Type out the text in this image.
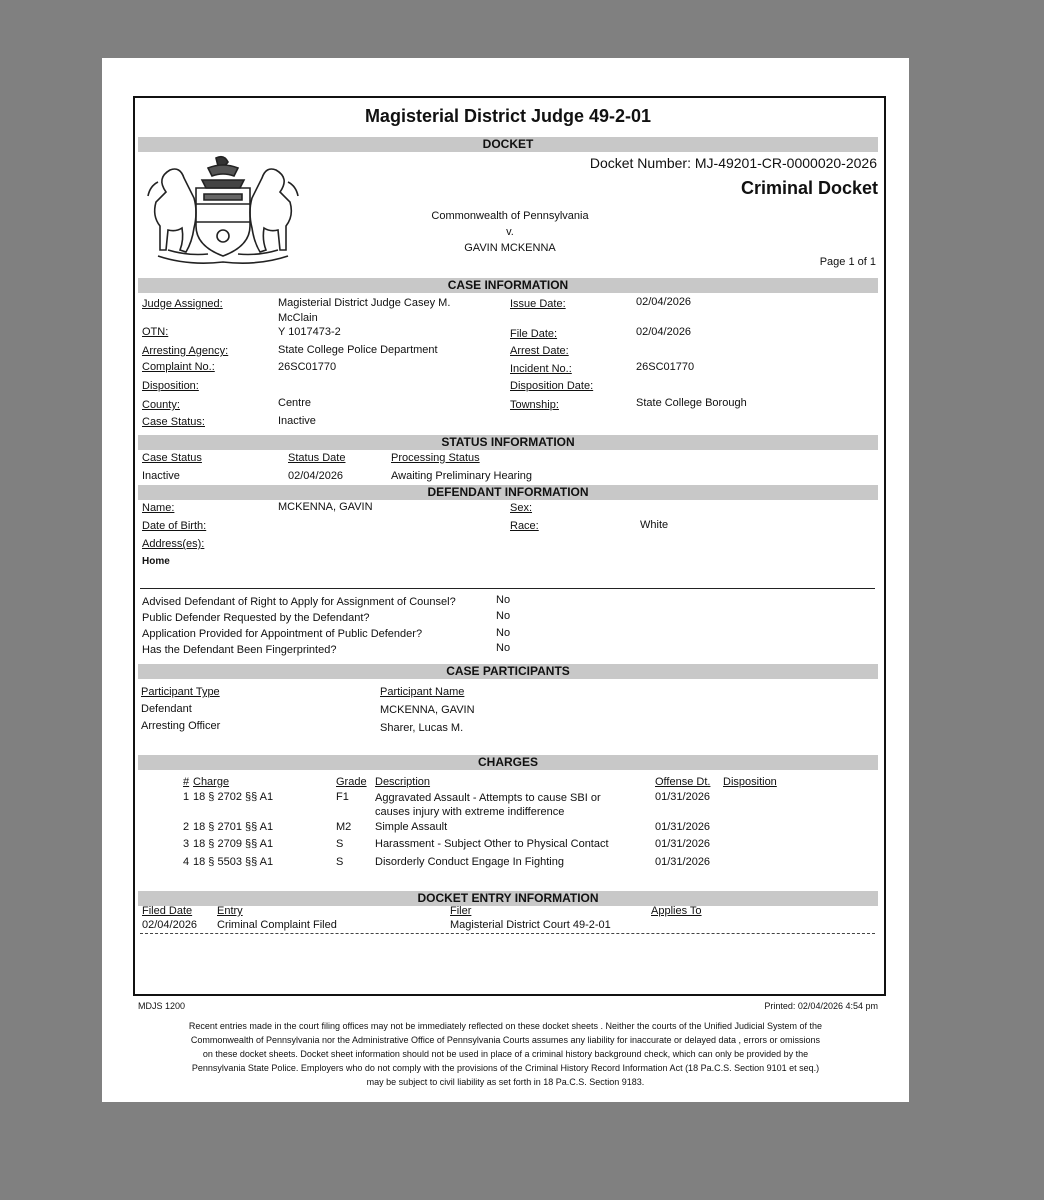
Magisterial District Judge 49-2-01
DOCKET
Docket Number: MJ-49201-CR-0000020-2026
Criminal Docket
Commonwealth of Pennsylvania
v.
GAVIN MCKENNA
Page 1 of 1
CASE INFORMATION
Judge Assigned:	Magisterial District Judge Casey M.
McClain
Issue Date:	02/04/2026
OTN:	Y 1017473-2	File Date:	02/04/2026
Arresting Agency:	State College Police Department	Arrest Date:
Complaint No.:	26SC01770	Incident No.:	26SC01770
Disposition:	Disposition Date:
County:	Centre	Township:	State College Borough
Case Status:	Inactive
STATUS INFORMATION
Case Status	Status Date	Processing Status
Inactive	02/04/2026	Awaiting Preliminary Hearing
DEFENDANT INFORMATION
Name:	MCKENNA, GAVIN	Sex:
Date of Birth:	Race:	White
Address(es):
Home
Advised Defendant of Right to Apply for Assignment of Counsel?	No
Public Defender Requested by the Defendant?	No
Application Provided for Appointment of Public Defender?	No
Has the Defendant Been Fingerprinted?	No
CASE PARTICIPANTS
Participant Type	Participant Name
Defendant	MCKENNA, GAVIN
Arresting Officer	Sharer, Lucas M.
CHARGES
# Charge	Grade Description	Offense Dt. Disposition
1 18 § 2702 §§ A1	F1 Aggravated Assault - Attempts to cause SBI or
causes injury with extreme indifference
01/31/2026
2 18 § 2701 §§ A1	M2 Simple Assault	01/31/2026
3 18 § 2709 §§ A1	S	Harassment - Subject Other to Physical Contact	01/31/2026
4 18 § 5503 §§ A1	S	Disorderly Conduct Engage In Fighting	01/31/2026
DOCKET ENTRY INFORMATION
Filed Date Entry	Filer	Applies To
02/04/2026 Criminal Complaint Filed	Magisterial District Court 49-2-01
MDJS 1200	Printed: 02/04/2026 4:54 pm
Recent entries made in the court filing offices may not be immediately reflected on these docket sheets . Neither the courts of the Unified Judicial System of the
Commonwealth of Pennsylvania nor the Administrative Office of Pennsylvania Courts assumes any liability for inaccurate or delayed data , errors or omissions
on these docket sheets. Docket sheet information should not be used in place of a criminal history background check, which can only be provided by the
Pennsylvania State Police. Employers who do not comply with the provisions of the Criminal History Record Information Act (18 Pa.C.S. Section 9101 et seq.)
may be subject to civil liability as set forth in 18 Pa.C.S. Section 9183.
